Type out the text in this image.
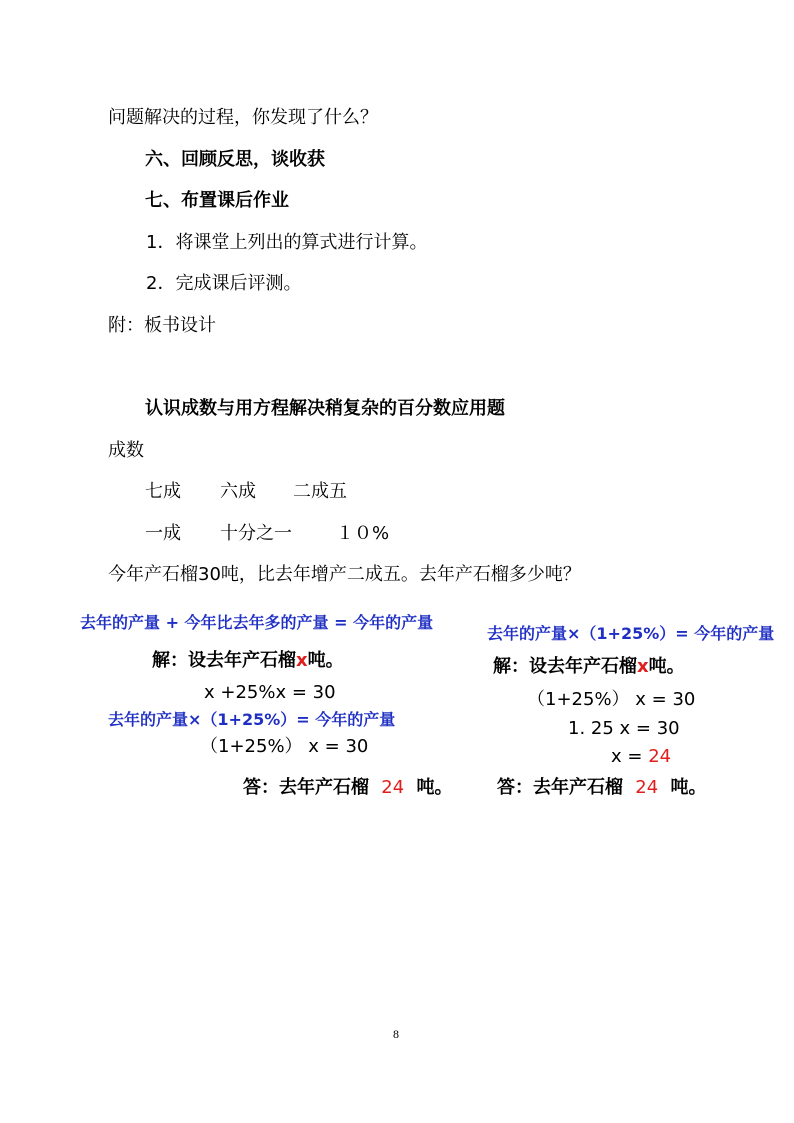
问题解决的过程，你发现了什么？
六、回顾反思，谈收获
七、布置课后作业
1．将课堂上列出的算式进行计算。
2．完成课后评测。
附：板书设计
认识成数与用方程解决稍复杂的百分数应用题
成数
七成 六成 二成五
一成 十分之一 １０%
今年产石榴30吨，比去年增产二成五。去年产石榴多少吨？
去年的产量 + 今年比去年多的产量 = 今年的产量
解：设去年产石榴x吨。
x +25%x = 30
去年的产量×（1+25%）= 今年的产量
（1+25%） x = 30
答：去年产石榴 24 吨。
去年的产量×（1+25%）= 今年的产量
解：设去年产石榴x吨。
（1+25%） x = 30
1. 25 x = 30
x = 24
答：去年产石榴 24 吨。
8
